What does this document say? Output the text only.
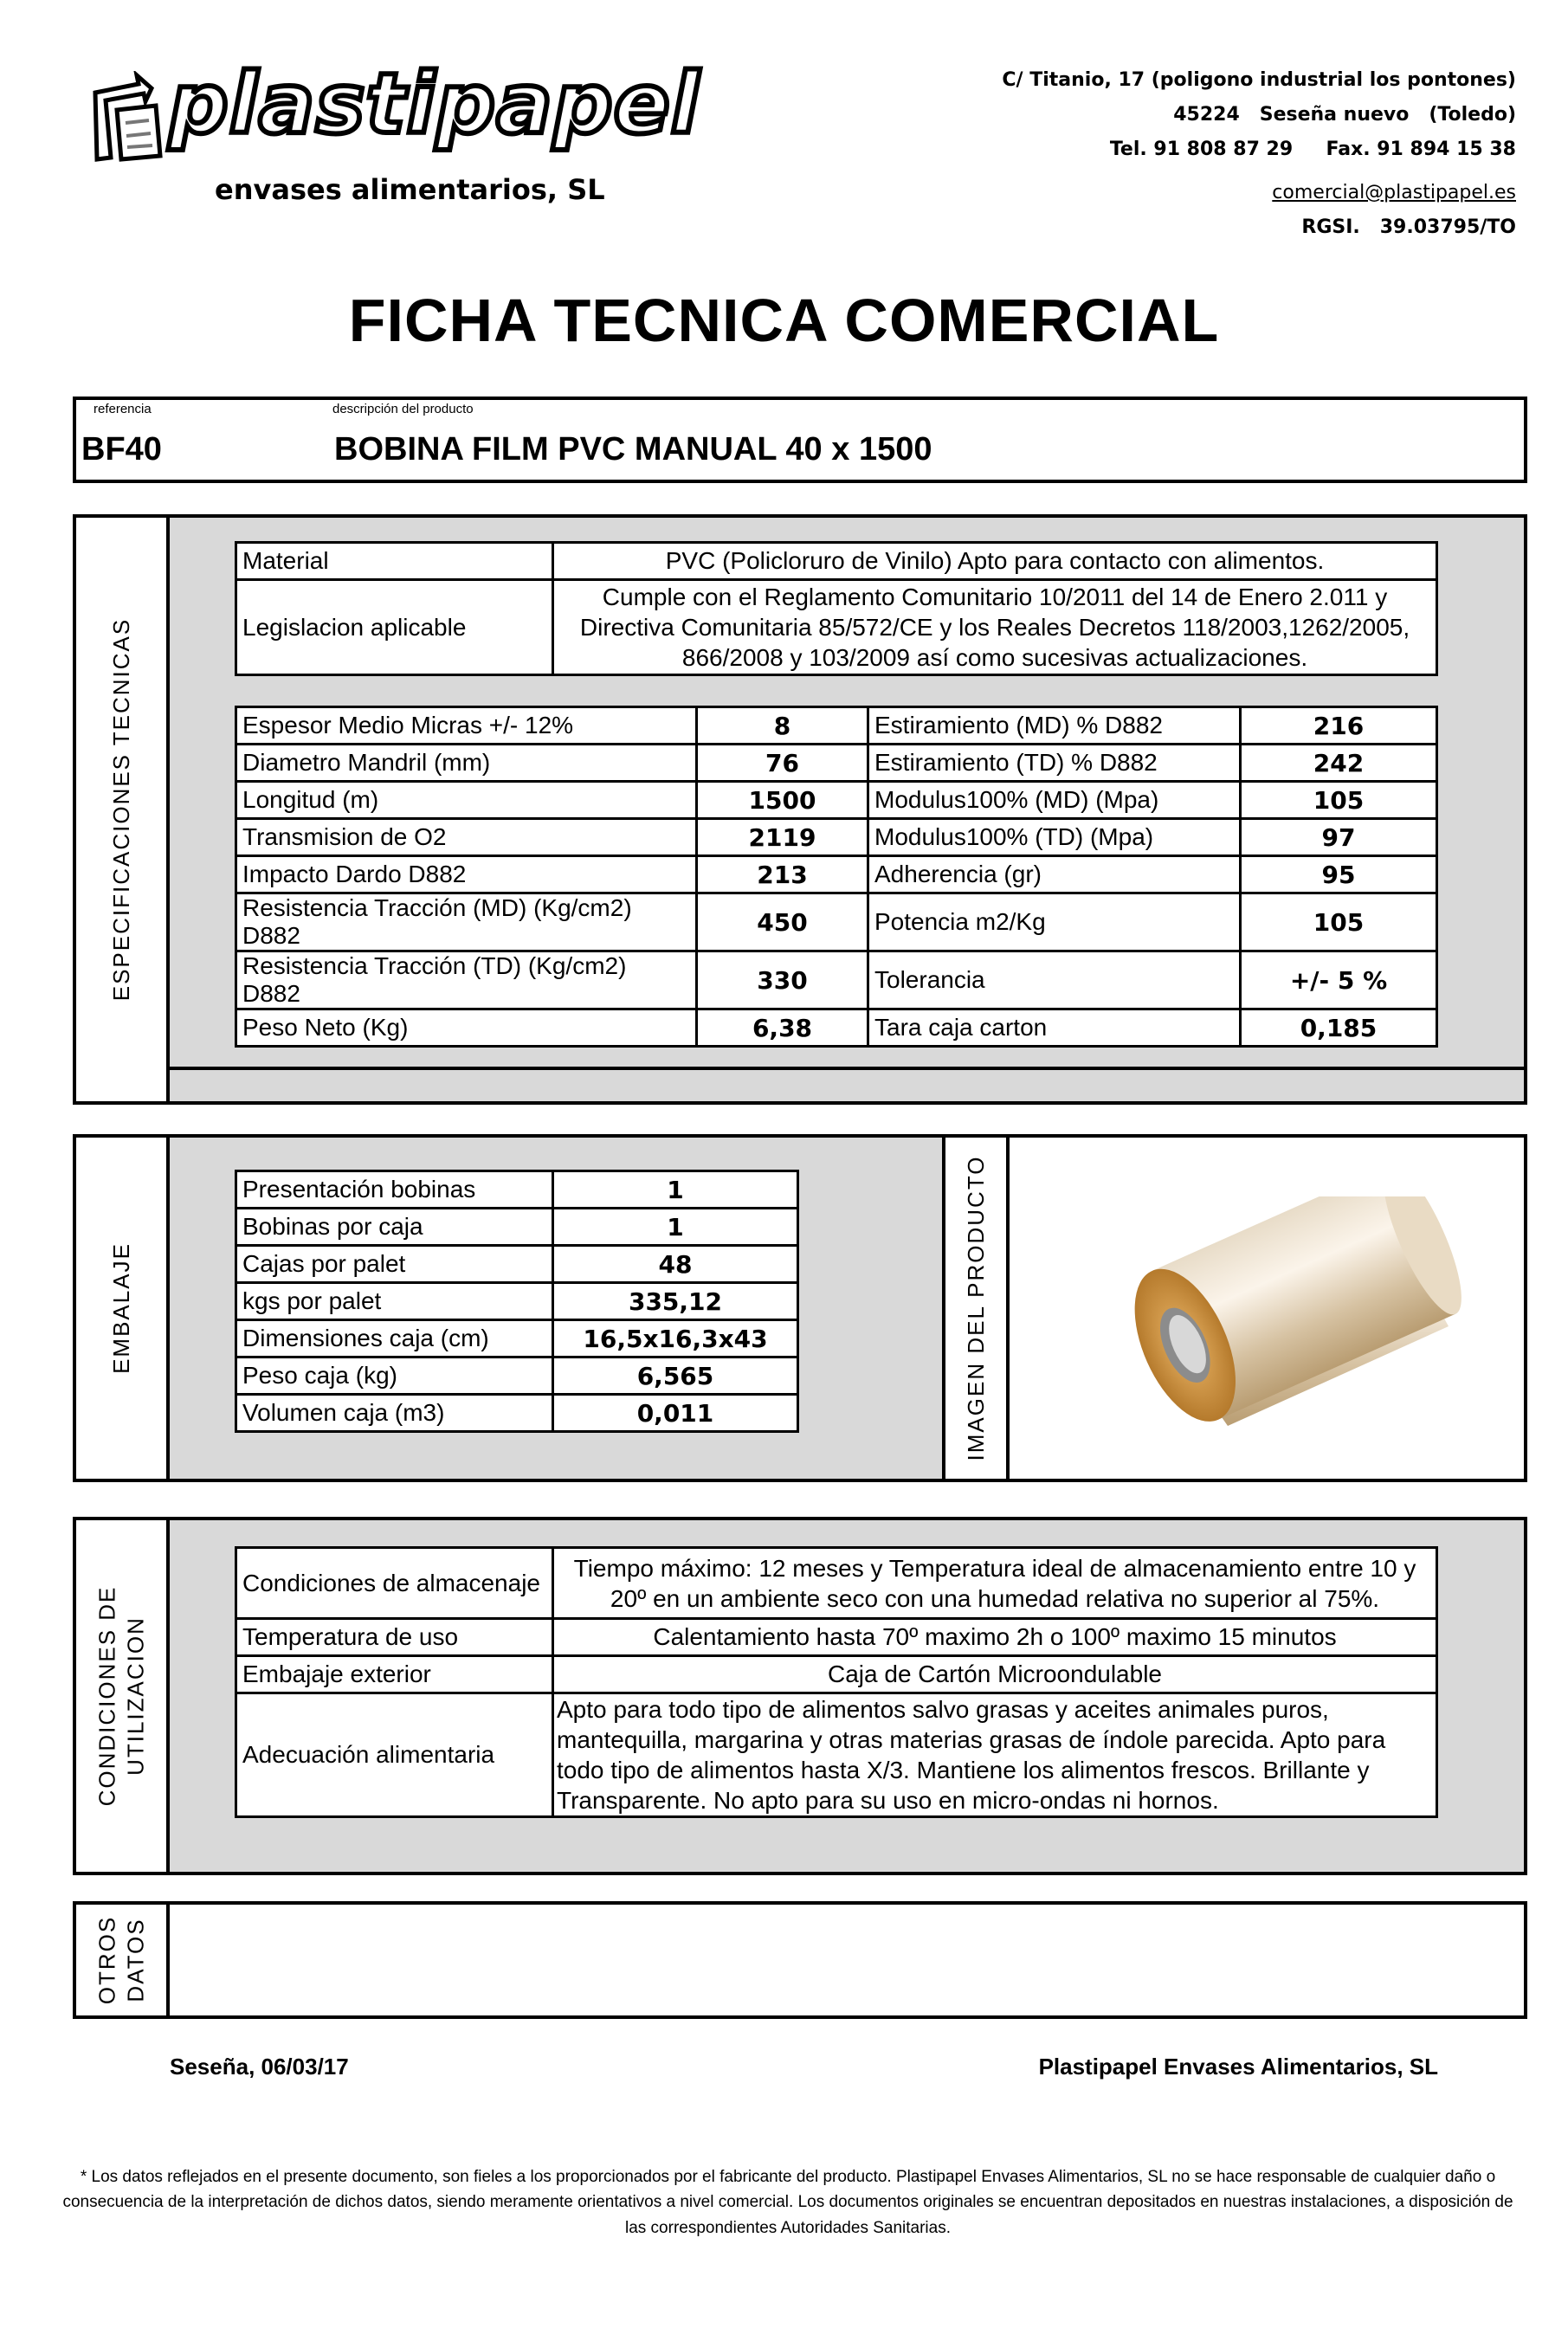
plastipapel
envases alimentarios, SL
C/ Titanio, 17 (poligono industrial los pontones)
45224   Seseña nuevo   (Toledo)
Tel. 91 808 87 29     Fax. 91 894 15 38
comercial@plastipapel.es
RGSI.   39.03795/TO
FICHA TECNICA COMERCIAL
referencia	descripción del producto
BF40	BOBINA FILM PVC MANUAL 40 x 1500
ESPECIFICACIONES TECNICAS
Material	PVC (Policloruro de Vinilo) Apto para contacto con alimentos.
Legislacion aplicable	Cumple con el Reglamento Comunitario 10/2011 del 14 de Enero 2.011 y Directiva Comunitaria 85/572/CE y los Reales Decretos 118/2003,1262/2005, 866/2008 y 103/2009 así como sucesivas actualizaciones.
Espesor Medio Micras +/- 12%	8	Estiramiento (MD) % D882	216
Diametro Mandril (mm)	76	Estiramiento (TD) % D882	242
Longitud (m)	1500	Modulus100% (MD) (Mpa)	105
Transmision de O2	2119	Modulus100% (TD) (Mpa)	97
Impacto Dardo D882	213	Adherencia (gr)	95
Resistencia Tracción (MD) (Kg/cm2) D882	450	Potencia m2/Kg	105
Resistencia Tracción (TD) (Kg/cm2) D882	330	Tolerancia	+/- 5 %
Peso Neto (Kg)	6,38	Tara caja carton	0,185
EMBALAJE
Presentación bobinas	1
Bobinas por caja	1
Cajas por palet	48
kgs por palet	335,12
Dimensiones caja (cm)	16,5x16,3x43
Peso caja (kg)	6,565
Volumen caja (m3)	0,011	IMAGEN DEL PRODUCTO
CONDICIONES DE UTILIZACION
Condiciones de almacenaje	Tiempo máximo: 12 meses y Temperatura ideal de almacenamiento entre 10 y 20º en un ambiente seco con una humedad relativa no superior al 75%.
Temperatura de uso	Calentamiento hasta 70º maximo 2h o 100º maximo 15 minutos
Embajaje exterior	Caja de Cartón Microondulable
Adecuación alimentaria	Apto para todo tipo de alimentos salvo grasas y aceites animales puros, mantequilla, margarina y otras materias grasas de índole parecida. Apto para todo tipo de alimentos hasta X/3. Mantiene los alimentos frescos. Brillante y Transparente. No apto para su uso en micro-ondas ni hornos.
OTROS DATOS
Seseña, 06/03/17	Plastipapel Envases Alimentarios, SL
* Los datos reflejados en el presente documento, son fieles a los proporcionados por el fabricante del producto. Plastipapel Envases Alimentarios, SL no se hace responsable de cualquier daño o consecuencia de la interpretación de dichos datos, siendo meramente orientativos a nivel comercial. Los documentos originales se encuentran depositados en nuestras instalaciones, a disposición de las correspondientes Autoridades Sanitarias.
